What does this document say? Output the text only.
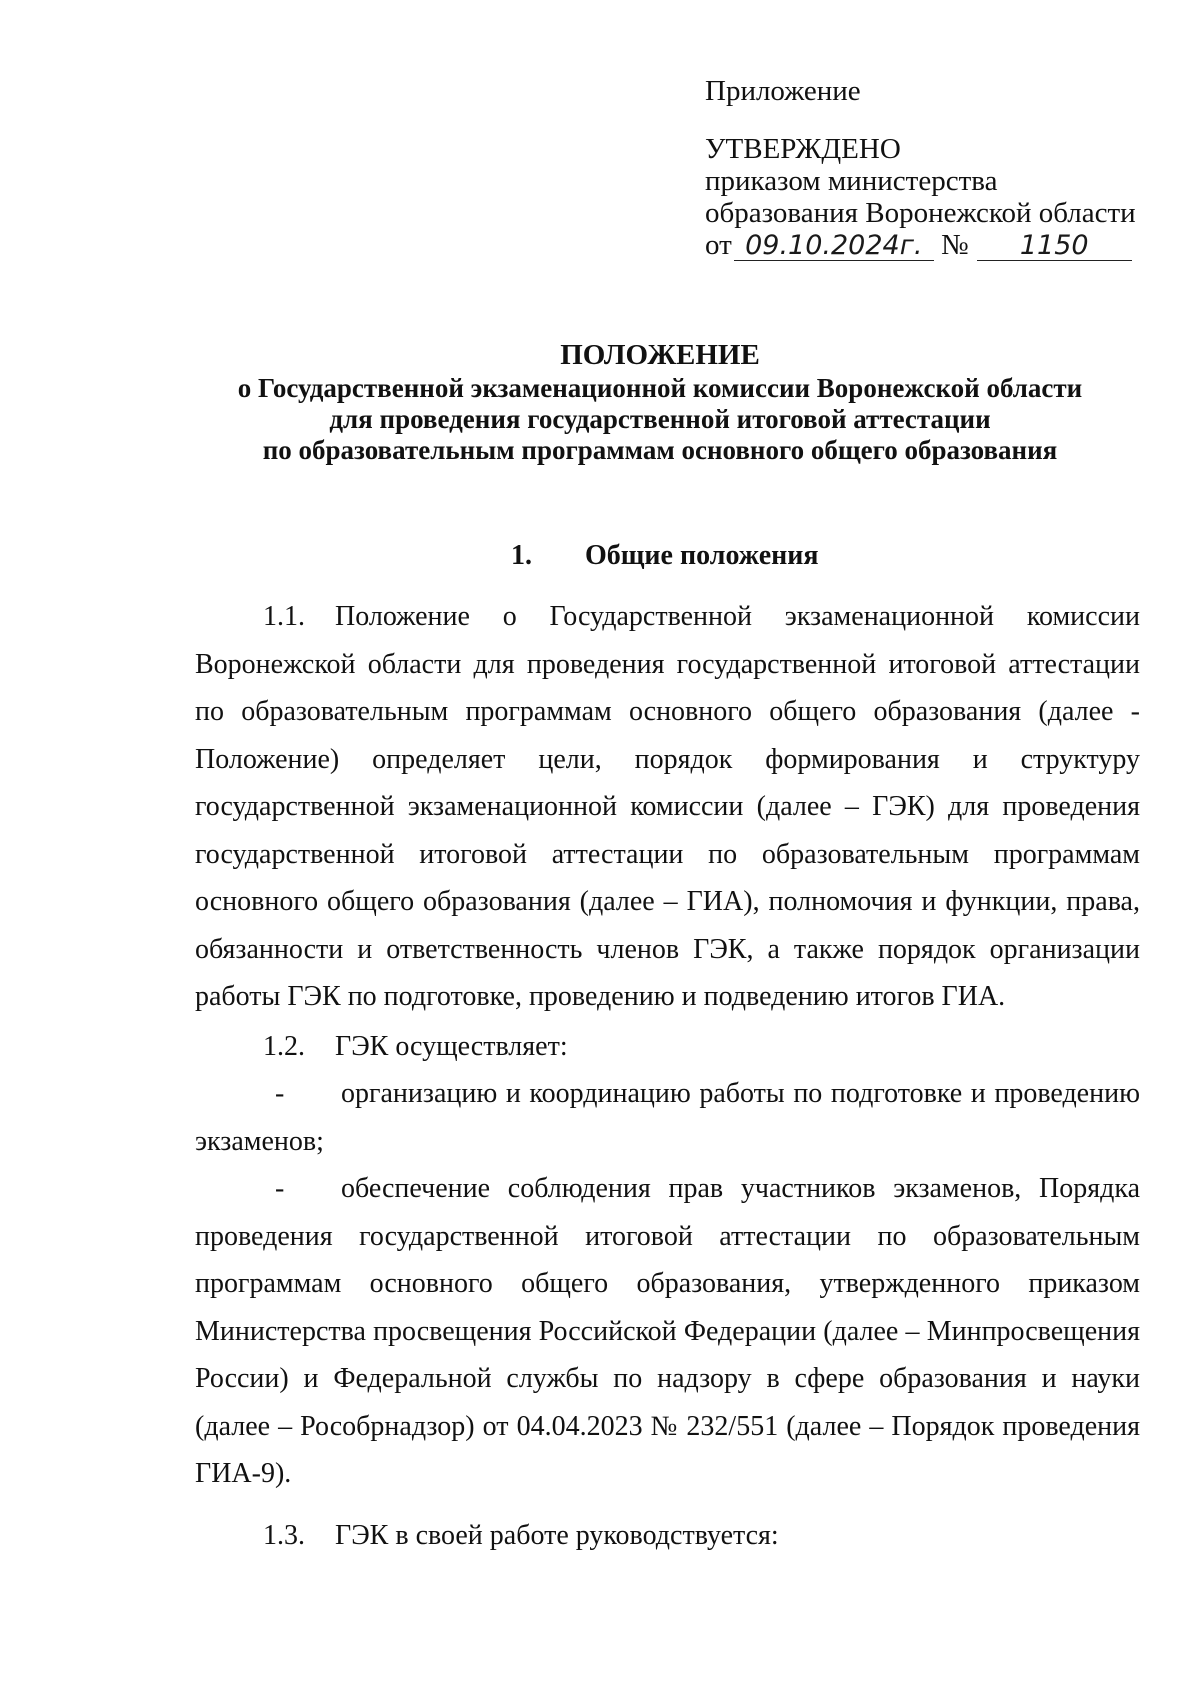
Приложение
УТВЕРЖДЕНО
приказом министерства
образования Воронежской области
от 09.10.2024г. № 1150
ПОЛОЖЕНИЕ
о Государственной экзаменационной комиссии Воронежской области
для проведения государственной итоговой аттестации
по образовательным программам основного общего образования
1. Общие положения

1.1. Положение о Государственной экзаменационной комиссии Воронежской области для проведения государственной итоговой аттестации по образовательным программам основного общего образования (далее - Положение) определяет цели, порядок формирования и структуру государственной экзаменационной комиссии (далее – ГЭК) для проведения государственной итоговой аттестации по образовательным программам основного общего образования (далее – ГИА), полномочия и функции, права, обязанности и ответственность членов ГЭК, а также порядок организации работы ГЭК по подготовке, проведению и подведению итогов ГИА.

1.2. ГЭК осуществляет:

- организацию и координацию работы по подготовке и проведению экзаменов;

- обеспечение соблюдения прав участников экзаменов, Порядка проведения государственной итоговой аттестации по образовательным программам основного общего образования, утвержденного приказом Министерства просвещения Российской Федерации (далее – Минпросвещения России) и Федеральной службы по надзору в сфере образования и науки (далее – Рособрнадзор) от 04.04.2023 № 232/551 (далее – Порядок проведения ГИА-9).

1.3. ГЭК в своей работе руководствуется:
